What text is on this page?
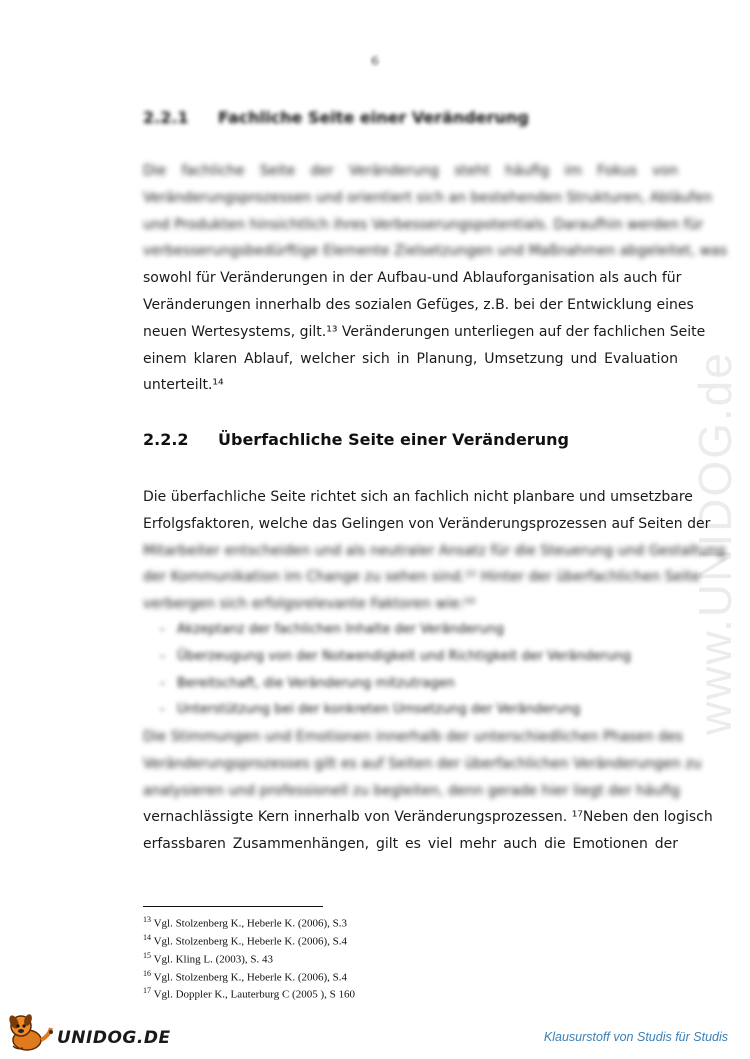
6
www.UNIDOG.de
2.2.1 Fachliche Seite einer Veränderung
Die fachliche Seite der Veränderung steht häufig im Fokus von
Veränderungsprozessen und orientiert sich an bestehenden Strukturen, Abläufen
und Produkten hinsichtlich ihres Verbesserungspotentials. Daraufhin werden für
verbesserungsbedürftige Elemente Zielsetzungen und Maßnahmen abgeleitet, was
sowohl für Veränderungen in der Aufbau-und Ablauforganisation als auch für
Veränderungen innerhalb des sozialen Gefüges, z.B. bei der Entwicklung eines
neuen Wertesystems, gilt.¹³ Veränderungen unterliegen auf der fachlichen Seite
einem klaren Ablauf, welcher sich in Planung, Umsetzung und Evaluation
unterteilt.¹⁴
2.2.2 Überfachliche Seite einer Veränderung
Die überfachliche Seite richtet sich an fachlich nicht planbare und umsetzbare
Erfolgsfaktoren, welche das Gelingen von Veränderungsprozessen auf Seiten der
Mitarbeiter entscheiden und als neutraler Ansatz für die Steuerung und Gestaltung
der Kommunikation im Change zu sehen sind.¹⁵ Hinter der überfachlichen Seite
verbergen sich erfolgsrelevante Faktoren wie:¹⁶
- Akzeptanz der fachlichen Inhalte der Veränderung
- Überzeugung von der Notwendigkeit und Richtigkeit der Veränderung
- Bereitschaft, die Veränderung mitzutragen
- Unterstützung bei der konkreten Umsetzung der Veränderung
Die Stimmungen und Emotionen innerhalb der unterschiedlichen Phasen des
Veränderungsprozesses gilt es auf Seiten der überfachlichen Veränderungen zu
analysieren und professionell zu begleiten, denn gerade hier liegt der häufig
vernachlässigte Kern innerhalb von Veränderungsprozessen. ¹⁷Neben den logisch
erfassbaren Zusammenhängen, gilt es viel mehr auch die Emotionen der
$^{13}$ Vgl. Stolzenberg K., Heberle K. (2006), S.3
$^{14}$ Vgl. Stolzenberg K., Heberle K. (2006), S.4
$^{15}$ Vgl. Kling L. (2003), S. 43
$^{16}$ Vgl. Stolzenberg K., Heberle K. (2006), S.4
$^{17}$ Vgl. Doppler K., Lauterburg C (2005 ), S 160
UNIDOG.DE	Klausurstoff von Studis für Studis
